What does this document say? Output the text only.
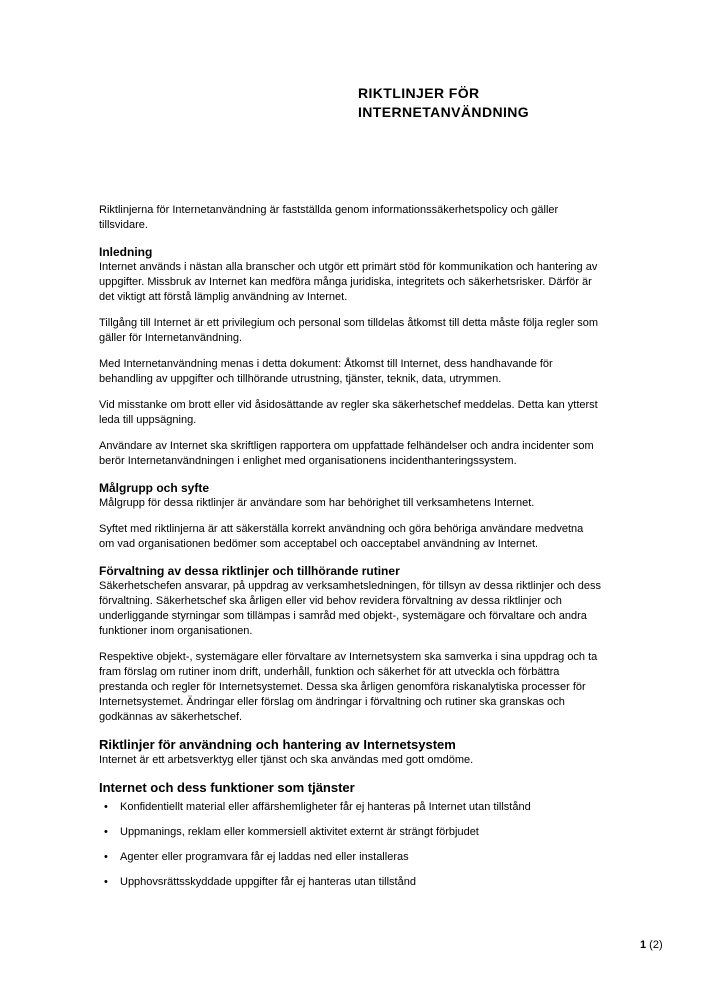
RIKTLINJER FÖR
INTERNETANVÄNDNING

Riktlinjerna för Internetanvändning är fastställda genom informationssäkerhetspolicy och gäller tillsvidare.

Inledning

Internet används i nästan alla branscher och utgör ett primärt stöd för kommunikation och hantering av uppgifter. Missbruk av Internet kan medföra många juridiska, integritets och säkerhetsrisker. Därför är det viktigt att förstå lämplig användning av Internet.

Tillgång till Internet är ett privilegium och personal som tilldelas åtkomst till detta måste följa regler som gäller för Internetanvändning.

Med Internetanvändning menas i detta dokument: Åtkomst till Internet, dess handhavande för behandling av uppgifter och tillhörande utrustning, tjänster, teknik, data, utrymmen.

Vid misstanke om brott eller vid åsidosättande av regler ska säkerhetschef meddelas. Detta kan ytterst leda till uppsägning.

Användare av Internet ska skriftligen rapportera om uppfattade felhändelser och andra incidenter som berör Internetanvändningen i enlighet med organisationens incidenthanteringssystem.

Målgrupp och syfte

Målgrupp för dessa riktlinjer är användare som har behörighet till verksamhetens Internet.

Syftet med riktlinjerna är att säkerställa korrekt användning och göra behöriga användare medvetna om vad organisationen bedömer som acceptabel och oacceptabel användning av Internet.

Förvaltning av dessa riktlinjer och tillhörande rutiner

Säkerhetschefen ansvarar, på uppdrag av verksamhetsledningen, för tillsyn av dessa riktlinjer och dess förvaltning. Säkerhetschef ska årligen eller vid behov revidera förvaltning av dessa riktlinjer och underliggande styrningar som tillämpas i samråd med objekt-, systemägare och förvaltare och andra funktioner inom organisationen.

Respektive objekt-, systemägare eller förvaltare av Internetsystem ska samverka i sina uppdrag och ta fram förslag om rutiner inom drift, underhåll, funktion och säkerhet för att utveckla och förbättra prestanda och regler för Internetsystemet. Dessa ska årligen genomföra riskanalytiska processer för Internetsystemet. Ändringar eller förslag om ändringar i förvaltning och rutiner ska granskas och godkännas av säkerhetschef.

Riktlinjer för användning och hantering av Internetsystem

Internet är ett arbetsverktyg eller tjänst och ska användas med gott omdöme.

Internet och dess funktioner som tjänster
• Konfidentiellt material eller affärshemligheter får ej hanteras på Internet utan tillstånd
• Uppmanings, reklam eller kommersiell aktivitet externt är strängt förbjudet
• Agenter eller programvara får ej laddas ned eller installeras
• Upphovsrättsskyddade uppgifter får ej hanteras utan tillstånd
1 (2)
